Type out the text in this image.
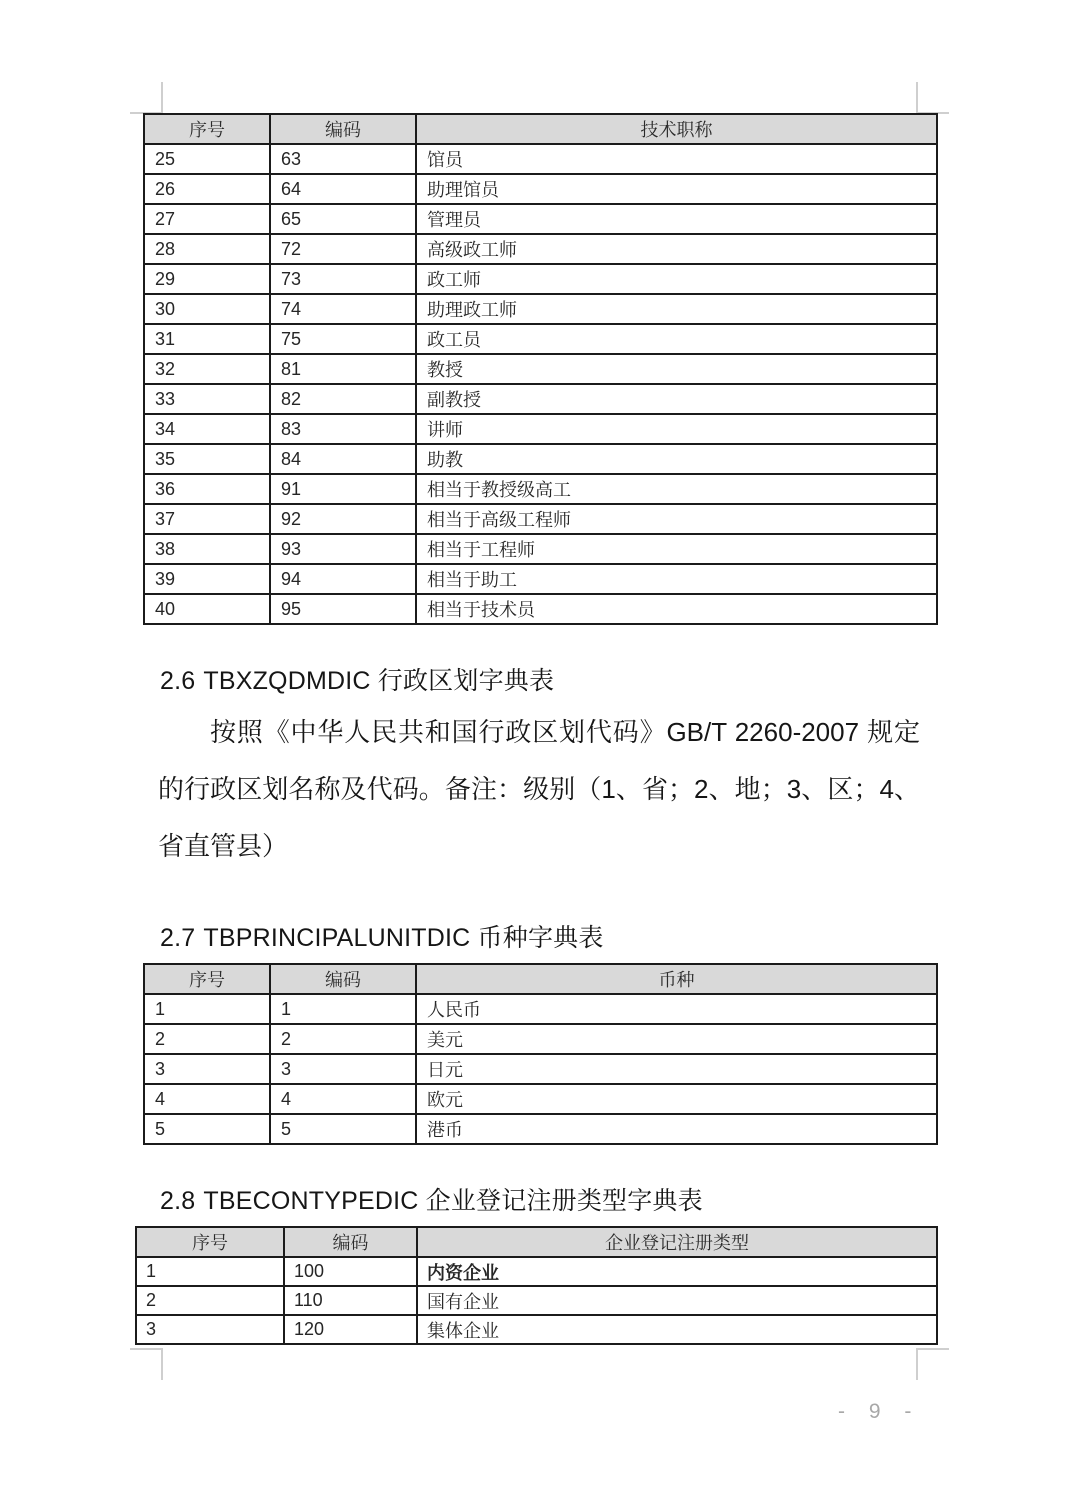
序号	编码	技术职称
25	63	馆员
26	64	助理馆员
27	65	管理员
28	72	高级政工师
29	73	政工师
30	74	助理政工师
31	75	政工员
32	81	教授
33	82	副教授
34	83	讲师
35	84	助教
36	91	相当于教授级高工
37	92	相当于高级工程师
38	93	相当于工程师
39	94	相当于助工
40	95	相当于技术员
2.6 TBXZQDMDIC 行政区划字典表
按照《中华人民共和国行政区划代码》GB/T 2260-2007 规定的行政区划名称及代码。备注：级别（1、省；2、地；3、区；4、省直管县）
2.7 TBPRINCIPALUNITDIC 币种字典表
序号	编码	币种
1	1	人民币
2	2	美元
3	3	日元
4	4	欧元
5	5	港币
2.8 TBECONTYPEDIC 企业登记注册类型字典表
序号	编码	企业登记注册类型
1	100	内资企业
2	110	国有企业
3	120	集体企业
- 9 -
